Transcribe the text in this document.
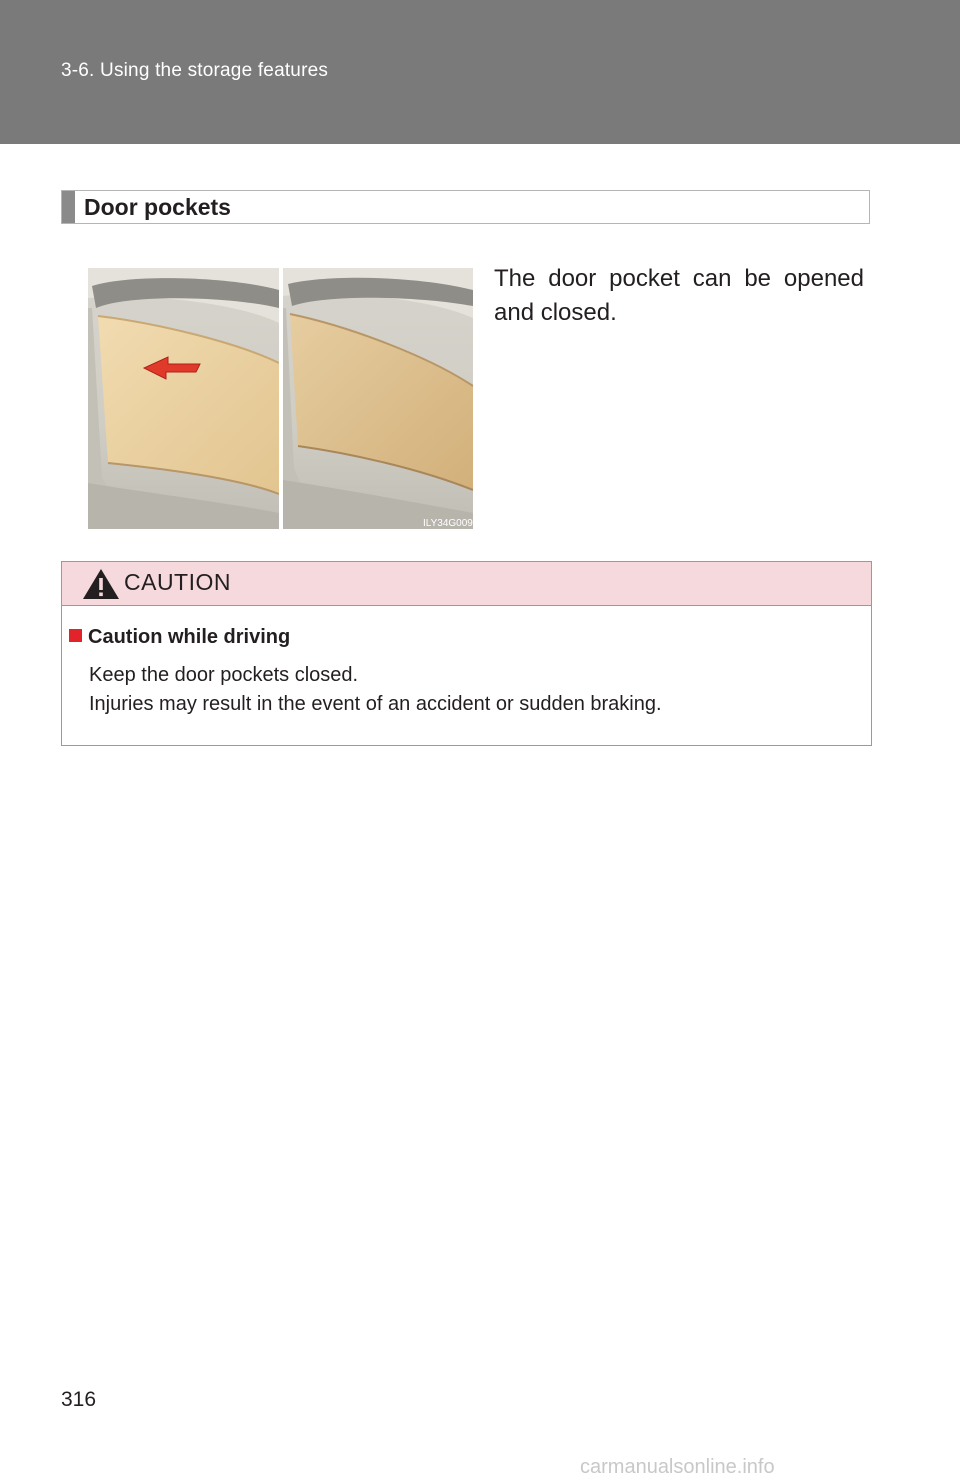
3-6. Using the storage features
Door pockets
ILY34G009
The door pocket can be opened and closed.
CAUTION
Caution while driving
Keep the door pockets closed.
Injuries may result in the event of an accident or sudden braking.
316
carmanualsonline.info
